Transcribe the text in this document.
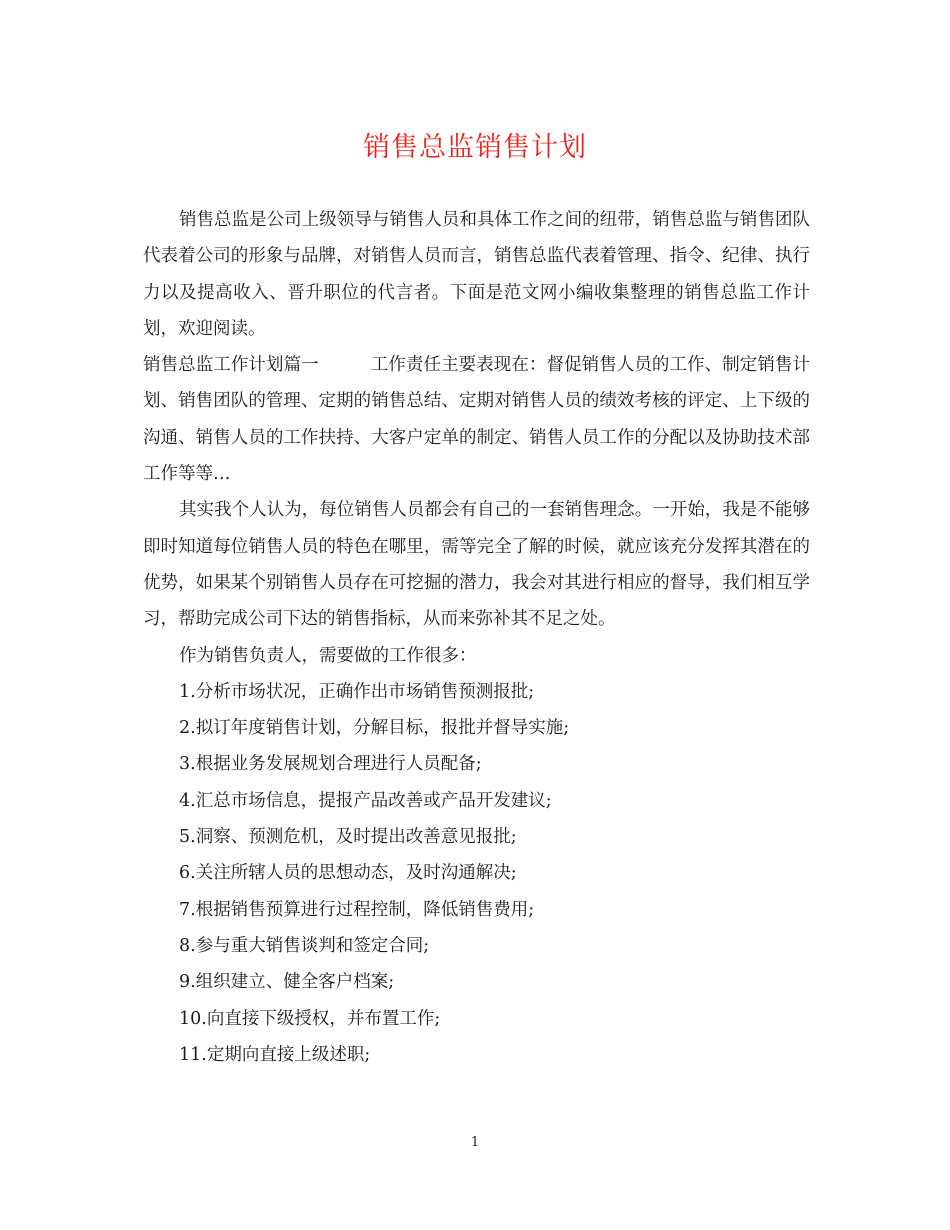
销售总监销售计划

销售总监是公司上级领导与销售人员和具体工作之间的纽带，销售总监与销售团队代表着公司的形象与品牌，对销售人员而言，销售总监代表着管理、指令、纪律、执行力以及提高收入、晋升职位的代言者。下面是范文网小编收集整理的销售总监工作计划，欢迎阅读。

销售总监工作计划篇一	工作责任主要表现在：督促销售人员的工作、制定销售计划、销售团队的管理、定期的销售总结、定期对销售人员的绩效考核的评定、上下级的沟通、销售人员的工作扶持、大客户定单的制定、销售人员工作的分配以及协助技术部工作等等…

其实我个人认为，每位销售人员都会有自己的一套销售理念。一开始，我是不能够即时知道每位销售人员的特色在哪里，需等完全了解的时候，就应该充分发挥其潜在的优势，如果某个别销售人员存在可挖掘的潜力，我会对其进行相应的督导，我们相互学习，帮助完成公司下达的销售指标，从而来弥补其不足之处。

作为销售负责人，需要做的工作很多：

1.分析市场状况，正确作出市场销售预测报批;
2.拟订年度销售计划，分解目标，报批并督导实施;
3.根据业务发展规划合理进行人员配备;
4.汇总市场信息，提报产品改善或产品开发建议;
5.洞察、预测危机，及时提出改善意见报批;
6.关注所辖人员的思想动态，及时沟通解决;
7.根据销售预算进行过程控制，降低销售费用;
8.参与重大销售谈判和签定合同;
9.组织建立、健全客户档案;
10.向直接下级授权，并布置工作;
11.定期向直接上级述职;
1
